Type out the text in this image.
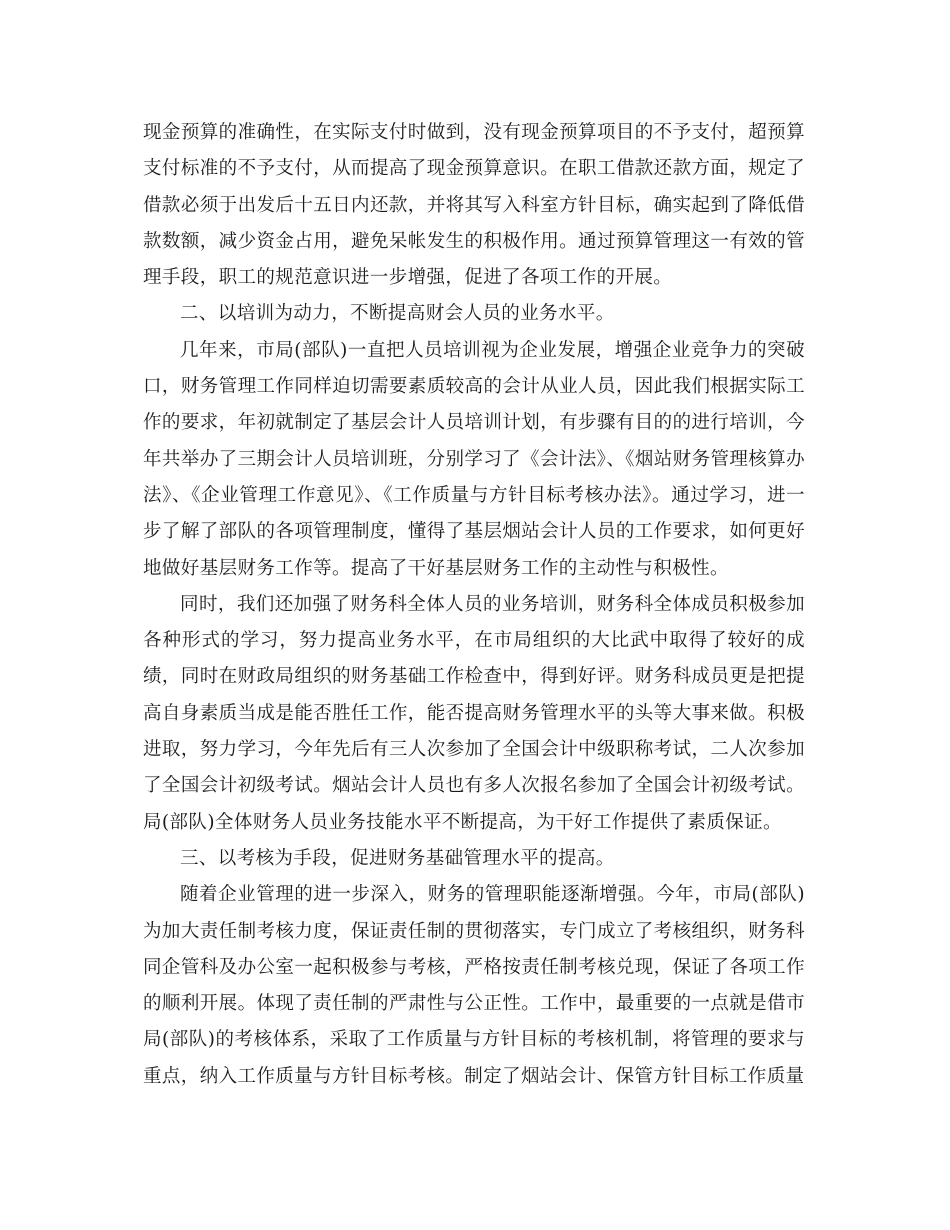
现金预算的准确性，在实际支付时做到，没有现金预算项目的不予支付，超预算支付标准的不予支付，从而提高了现金预算意识。在职工借款还款方面，规定了借款必须于出发后十五日内还款，并将其写入科室方针目标，确实起到了降低借款数额，减少资金占用，避免呆帐发生的积极作用。通过预算管理这一有效的管理手段，职工的规范意识进一步增强，促进了各项工作的开展。

二、以培训为动力，不断提高财会人员的业务水平。

几年来，市局(部队)一直把人员培训视为企业发展，增强企业竞争力的突破口，财务管理工作同样迫切需要素质较高的会计从业人员，因此我们根据实际工作的要求，年初就制定了基层会计人员培训计划，有步骤有目的的进行培训，今年共举办了三期会计人员培训班，分别学习了《会计法》、《烟站财务管理核算办法》、《企业管理工作意见》、《工作质量与方针目标考核办法》。通过学习，进一步了解了部队的各项管理制度，懂得了基层烟站会计人员的工作要求，如何更好地做好基层财务工作等。提高了干好基层财务工作的主动性与积极性。

同时，我们还加强了财务科全体人员的业务培训，财务科全体成员积极参加各种形式的学习，努力提高业务水平，在市局组织的大比武中取得了较好的成绩，同时在财政局组织的财务基础工作检查中，得到好评。财务科成员更是把提高自身素质当成是能否胜任工作，能否提高财务管理水平的头等大事来做。积极进取，努力学习，今年先后有三人次参加了全国会计中级职称考试，二人次参加了全国会计初级考试。烟站会计人员也有多人次报名参加了全国会计初级考试。局(部队)全体财务人员业务技能水平不断提高，为干好工作提供了素质保证。

三、以考核为手段，促进财务基础管理水平的提高。

随着企业管理的进一步深入，财务的管理职能逐渐增强。今年，市局(部队)为加大责任制考核力度，保证责任制的贯彻落实，专门成立了考核组织，财务科同企管科及办公室一起积极参与考核，严格按责任制考核兑现，保证了各项工作的顺利开展。体现了责任制的严肃性与公正性。工作中，最重要的一点就是借市局(部队)的考核体系，采取了工作质量与方针目标的考核机制，将管理的要求与重点，纳入工作质量与方针目标考核。制定了烟站会计、保管方针目标工作质量
